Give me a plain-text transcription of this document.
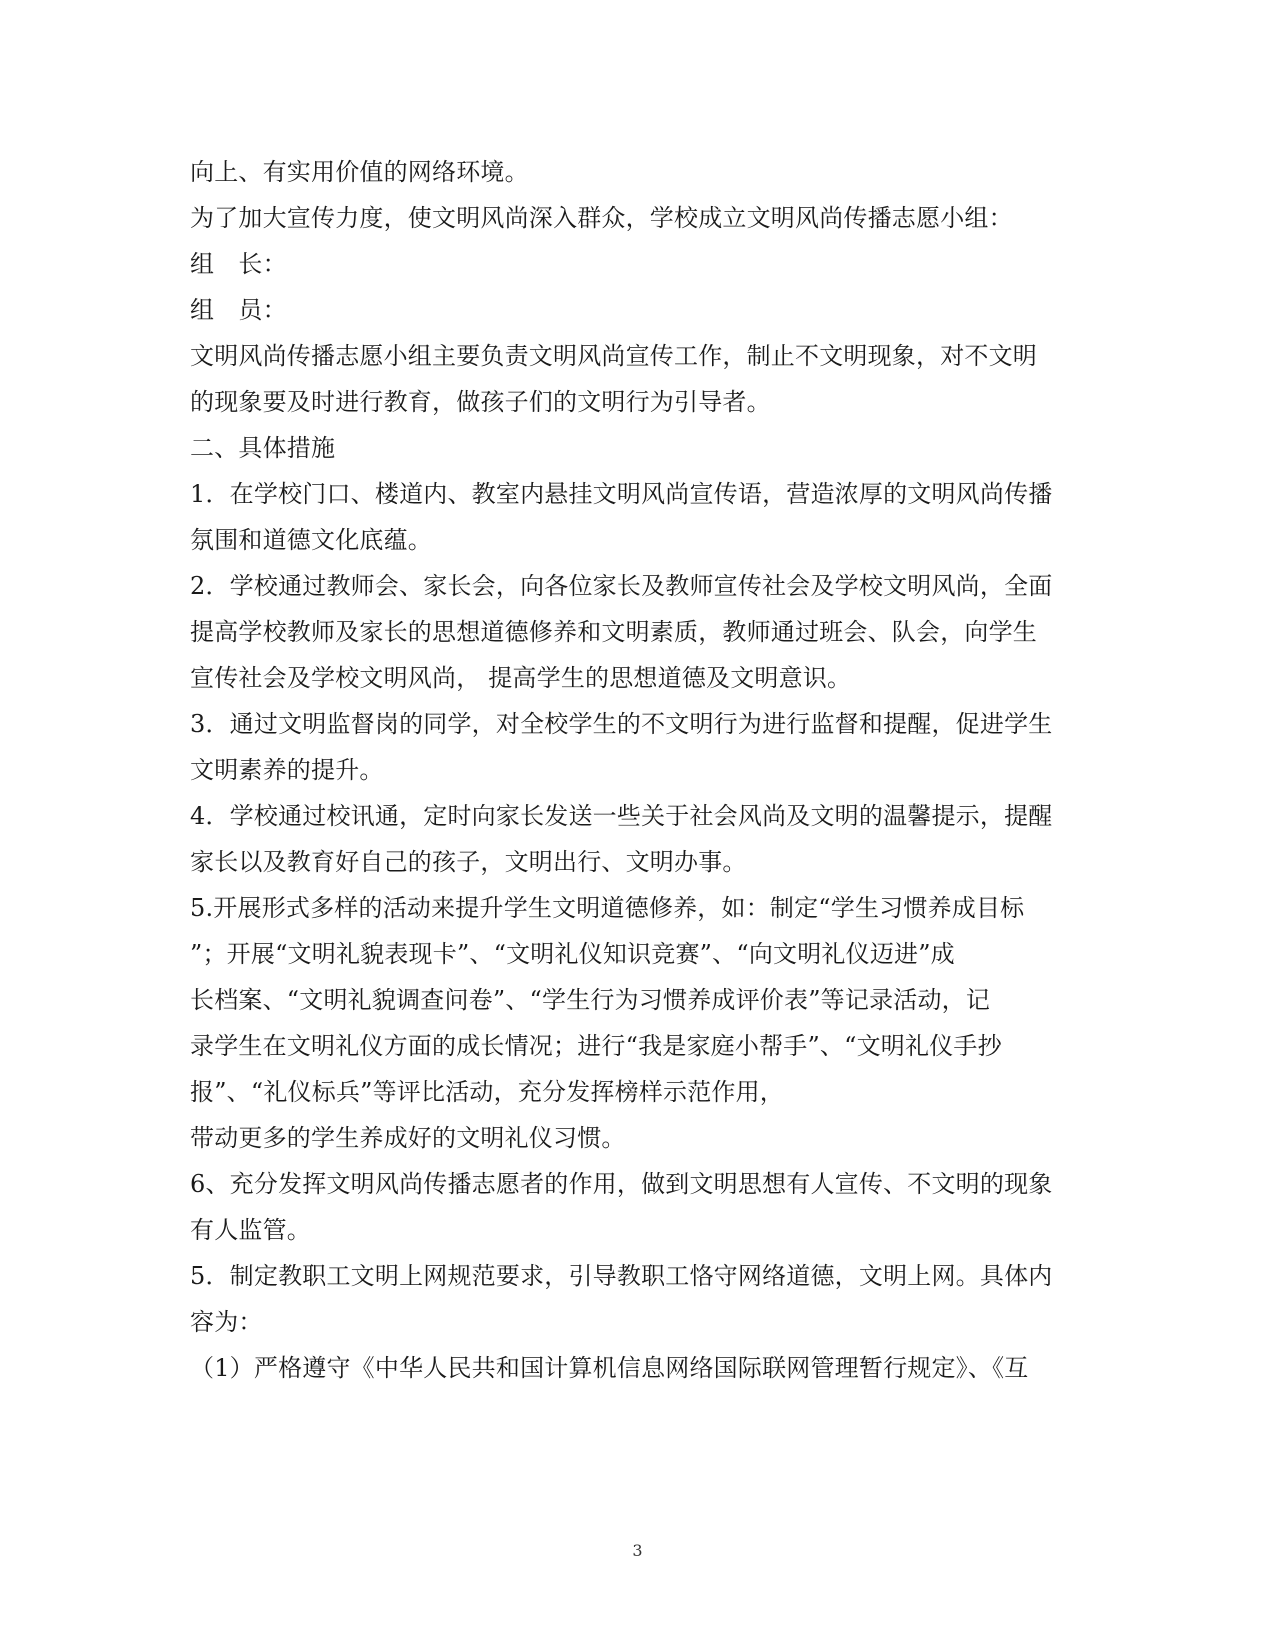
向上、有实用价值的网络环境。
为了加大宣传力度，使文明风尚深入群众，学校成立文明风尚传播志愿小组：
组　长：
组　员：
文明风尚传播志愿小组主要负责文明风尚宣传工作，制止不文明现象，对不文明
的现象要及时进行教育，做孩子们的文明行为引导者。
二、具体措施
1．在学校门口、楼道内、教室内悬挂文明风尚宣传语，营造浓厚的文明风尚传播
氛围和道德文化底蕴。
2．学校通过教师会、家长会，向各位家长及教师宣传社会及学校文明风尚，全面
提高学校教师及家长的思想道德修养和文明素质，教师通过班会、队会，向学生
宣传社会及学校文明风尚， 提高学生的思想道德及文明意识。
3．通过文明监督岗的同学，对全校学生的不文明行为进行监督和提醒，促进学生
文明素养的提升。
4．学校通过校讯通，定时向家长发送一些关于社会风尚及文明的温馨提示，提醒
家长以及教育好自己的孩子，文明出行、文明办事。
5.开展形式多样的活动来提升学生文明道德修养，如：制定“学生习惯养成目标
”；开展“文明礼貌表现卡”、“文明礼仪知识竞赛”、“向文明礼仪迈进”成
长档案、“文明礼貌调查问卷”、“学生行为习惯养成评价表”等记录活动，记
录学生在文明礼仪方面的成长情况；进行“我是家庭小帮手”、“文明礼仪手抄
报”、“礼仪标兵”等评比活动，充分发挥榜样示范作用，
带动更多的学生养成好的文明礼仪习惯。
6、充分发挥文明风尚传播志愿者的作用，做到文明思想有人宣传、不文明的现象
有人监管。
5．制定教职工文明上网规范要求，引导教职工恪守网络道德，文明上网。具体内
容为：
（1）严格遵守《中华人民共和国计算机信息网络国际联网管理暂行规定》、《互
3
